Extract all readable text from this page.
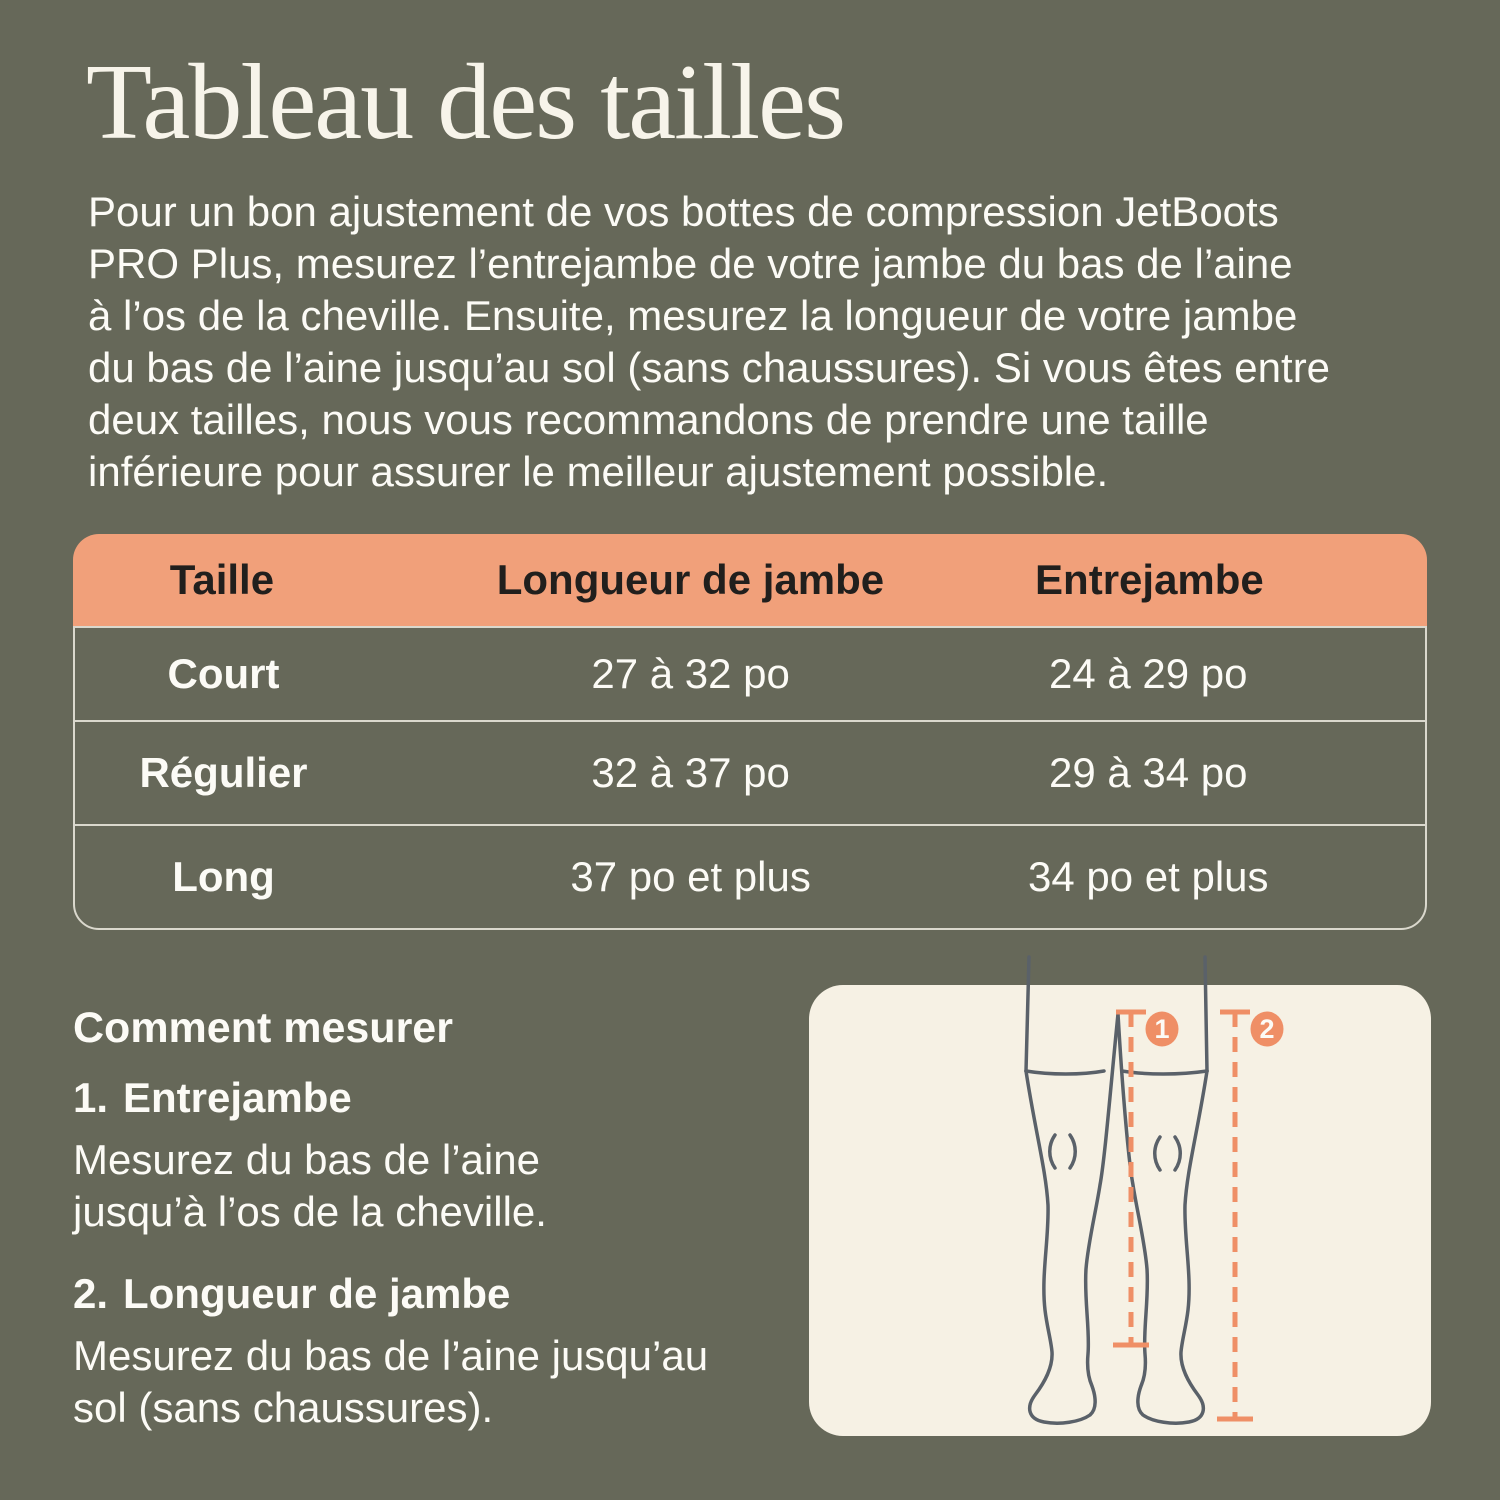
Tableau des tailles
Pour un bon ajustement de vos bottes de compression JetBoots
PRO Plus, mesurez l’entrejambe de votre jambe du bas de l’aine
à l’os de la cheville. Ensuite, mesurez la longueur de votre jambe
du bas de l’aine jusqu’au sol (sans chaussures). Si vous êtes entre
deux tailles, nous vous recommandons de prendre une taille
inférieure pour assurer le meilleur ajustement possible.
Taille	Longueur de jambe	Entrejambe
Court	27 à 32 po	24 à 29 po
Régulier	32 à 37 po	29 à 34 po
Long	37 po et plus	34 po et plus
Comment mesurer
1. Entrejambe
Mesurez du bas de l’aine
jusqu’à l’os de la cheville.
2. Longueur de jambe
Mesurez du bas de l’aine jusqu’au
sol (sans chaussures).
1	2
